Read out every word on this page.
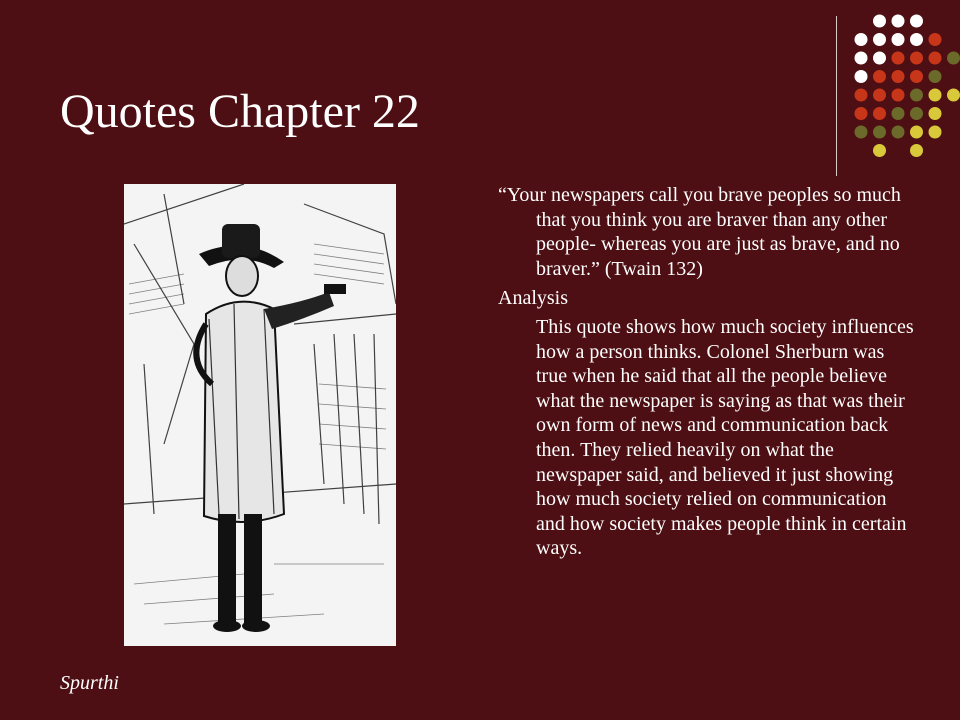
Quotes Chapter 22

“Your newspapers call you brave peoples so much that you think you are braver than any other people- whereas you are just as brave, and no braver.” (Twain 132)

Analysis

This quote shows how much society influences how a person thinks. Colonel Sherburn was true when he said that all the people believe what the newspaper is saying as that was their own form of news and communication back then. They relied heavily on what the newspaper said, and believed it just showing how much society relied on communication and how society makes people think in certain ways.

Spurthi
